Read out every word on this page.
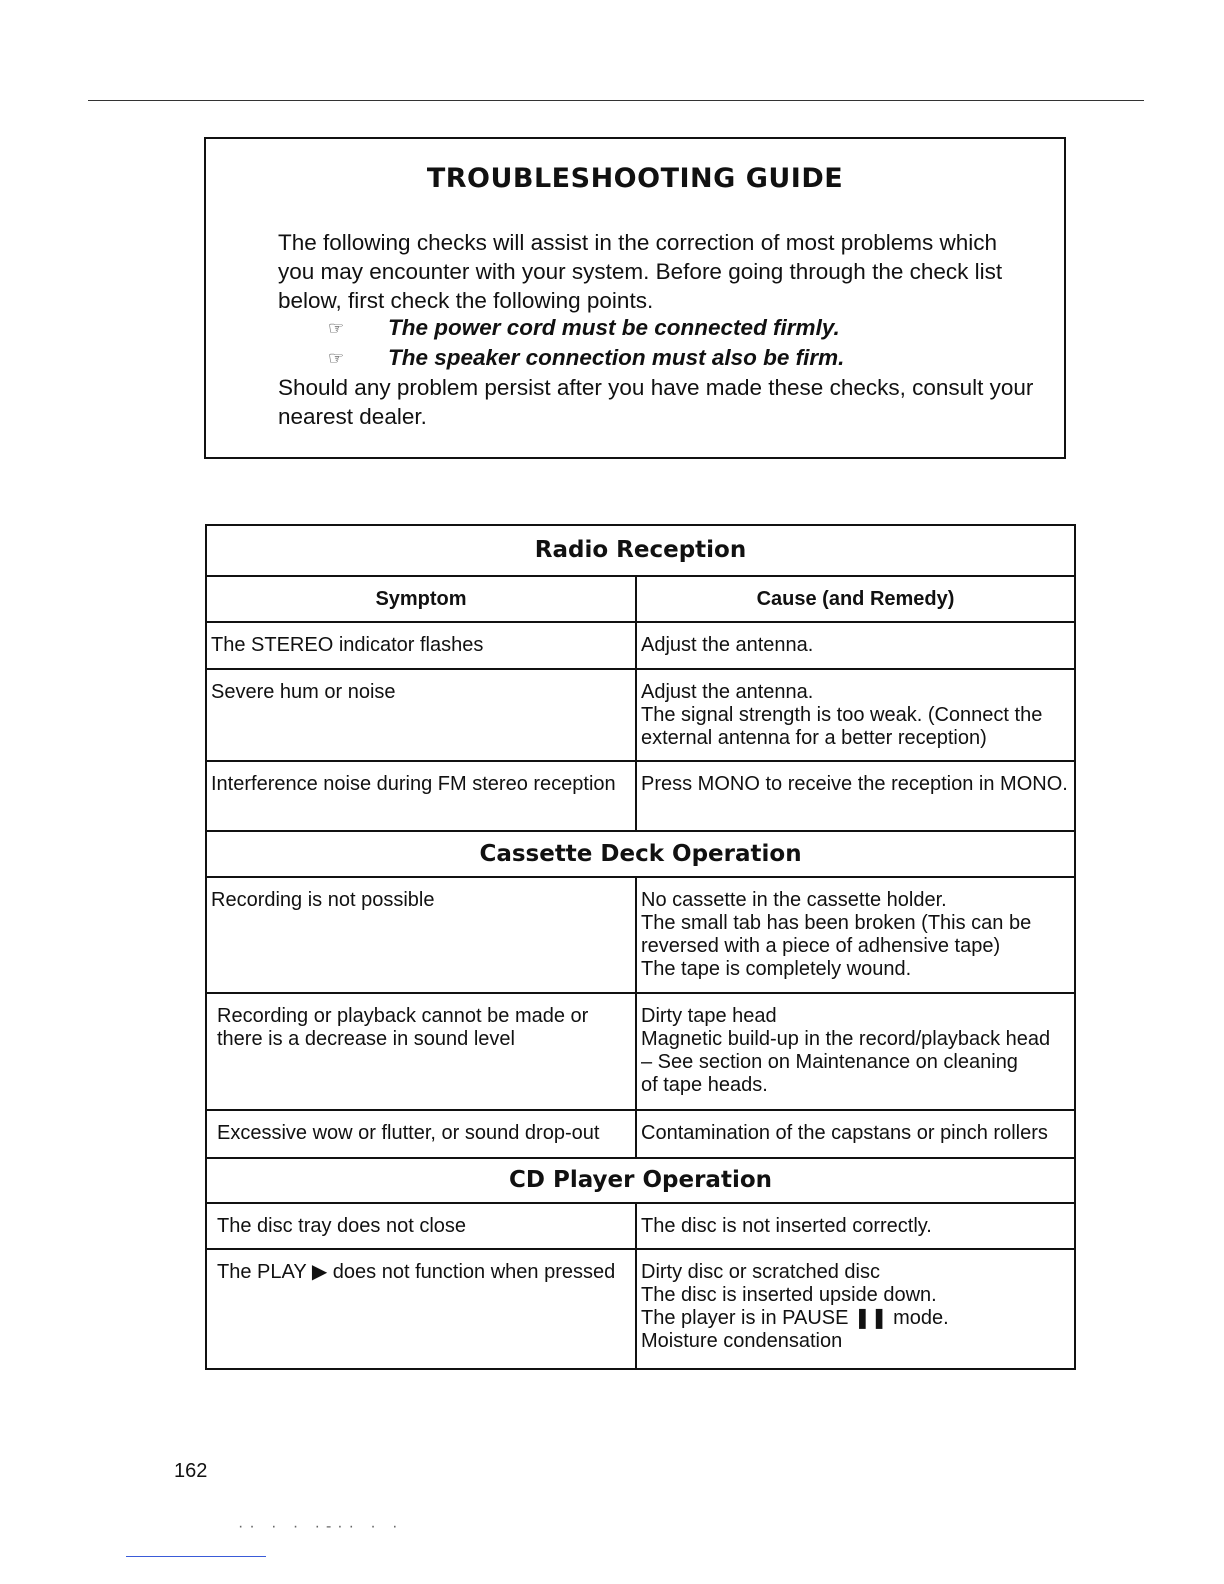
TROUBLESHOOTING GUIDE
The following checks will assist in the correction of most problems which you may encounter with your system. Before going through the check list below, first check the following points.
☞ The power cord must be connected firmly.
☞ The speaker connection must also be firm.
Should any problem persist after you have made these checks, consult your nearest dealer.
Radio Reception	
Symptom	Cause (and Remedy)

The STEREO indicator flashes	Adjust the antenna.

Severe hum or noise	Adjust the antenna.
The signal strength is too weak. (Connect the external antenna for a better reception)

Interference noise during FM stereo reception	Press MONO to receive the reception in MONO.

Cassette Deck Operation	

Recording is not possible	No cassette in the cassette holder.
The small tab has been broken (This can be reversed with a piece of adhensive tape)
The tape is completely wound.

Recording or playback cannot be made or there is a decrease in sound level	Dirty tape head
Magnetic build-up in the record/playback head
– See section on Maintenance on cleaning
of tape heads.

Excessive wow or flutter, or sound drop-out	Contamination of the capstans or pinch rollers

CD Player Operation	

The disc tray does not close	The disc is not inserted correctly.

The PLAY ▶ does not function when pressed	Dirty disc or scratched disc
The disc is inserted upside down.
The player is in PAUSE ❚❚ mode.
Moisture condensation
162
·· · · ·-·· · ·
